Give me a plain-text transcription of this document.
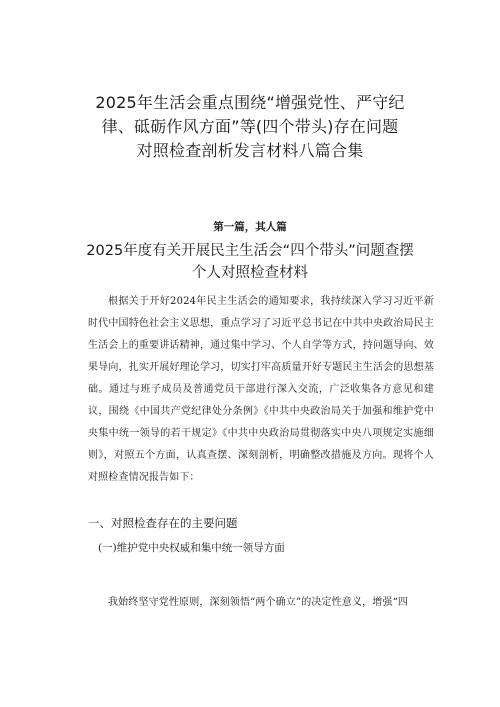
2025年生活会重点围绕“增强党性、严守纪
律、砥砺作风方面”等(四个带头)存在问题
对照检查剖析发言材料八篇合集
第一篇，其人篇
2025年度有关开展民主生活会“四个带头”问题查摆
个人对照检查材料

根据关于开好2024年民主生活会的通知要求，我持续深入学习习近平新时代中国特色社会主义思想，重点学习了习近平总书记在中共中央政治局民主生活会上的重要讲话精神，通过集中学习、个人自学等方式，持问题导向、效果导向，扎实开展好理论学习，切实打牢高质量开好专题民主生活会的思想基础。通过与班子成员及普通党员干部进行深入交流，广泛收集各方意见和建议，围绕《中国共产党纪律处分条例》《中共中央政治局关于加强和维护党中央集中统一领导的若干规定》《中共中央政治局贯彻落实中央八项规定实施细则》，对照五个方面，认真查摆、深刻剖析，明确整改措施及方向。现将个人对照检查情况报告如下：

一、对照检查存在的主要问题

(一)维护党中央权威和集中统一领导方面

我始终坚守党性原则，深刻领悟“两个确立”的决定性意义，增强“四
